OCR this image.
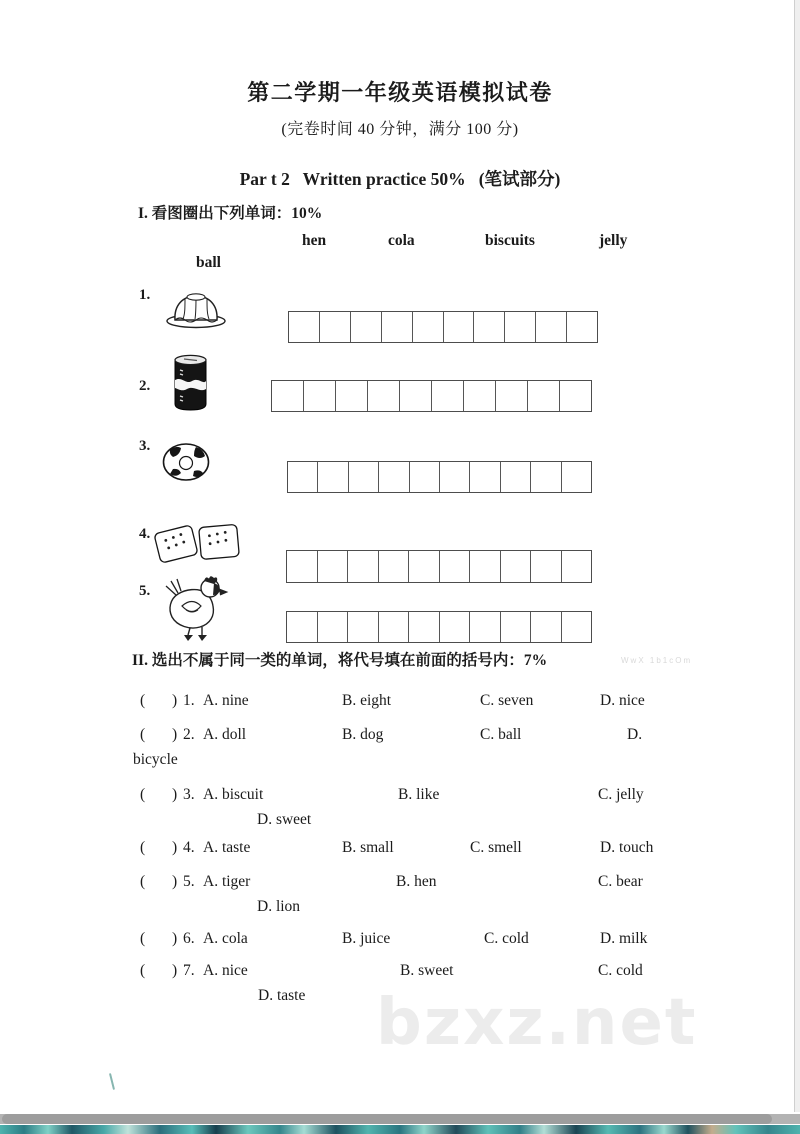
第二学期一年级英语模拟试卷
(完卷时间 40 分钟，满分 100 分)
Par t 2   Written practice 50%   (笔试部分)
I. 看图圈出下列单词：10%
hen	cola	biscuits	jelly
ball
1.
2.
3.
4.
5.
II. 选出不属于同一类的单词，将代号填在前面的括号内：7%	WwX 1b1cOm
( ) 1. A. nine	B. eight	C. seven	D. nice
( ) 2. A. doll	B. dog	C. ball	D.
bicycle
( ) 3. A. biscuit	B. like	C. jelly
D. sweet
( ) 4. A. taste	B. small	C. smell	D. touch
( ) 5. A. tiger	B. hen	C. bear
D. lion
( ) 6. A. cola	B. juice	C. cold	D. milk
( ) 7. A. nice	B. sweet	C. cold
D. taste bzxz.net
